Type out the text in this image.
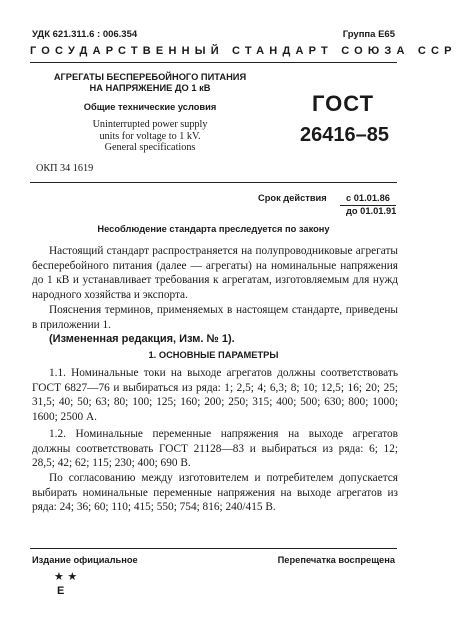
УДК 621.311.6 : 006.354	Группа Е65
ГОСУДАРСТВЕННЫЙ СТАНДАРТ СОЮЗА ССР
АГРЕГАТЫ БЕСПЕРЕБОЙНОГО ПИТАНИЯ
НА НАПРЯЖЕНИЕ ДО 1 кВ
Общие технические условия
Uninterrupted power supply
units for voltage to 1 kV.
General specifications
ГОСТ
26416–85
ОКП 34 1619
Срок действия с 01.01.86
до 01.01.91
Несоблюдение стандарта преследуется по закону
Настоящий стандарт распространяется на полупроводниковые агрегаты бесперебойного питания (далее — агрегаты) на номинальные напряжения до 1 кВ и устанавливает требования к агрегатам, изготовляемым для нужд народного хозяйства и экспорта.
Пояснения терминов, применяемых в настоящем стандарте, приведены в приложении 1.
(Измененная редакция, Изм. № 1).
1. ОСНОВНЫЕ ПАРАМЕТРЫ
1.1. Номинальные токи на выходе агрегатов должны соответствовать ГОСТ 6827—76 и выбираться из ряда: 1; 2,5; 4; 6,3; 8; 10; 12,5; 16; 20; 25; 31,5; 40; 50; 63; 80; 100; 125; 160; 200; 250; 315; 400; 500; 630; 800; 1000; 1600; 2500 А.
1.2. Номинальные переменные напряжения на выходе агрегатов должны соответствовать ГОСТ 21128—83 и выбираться из ряда: 6; 12; 28,5; 42; 62; 115; 230; 400; 690 В.
По согласованию между изготовителем и потребителем допускается выбирать номинальные переменные напряжения на выходе агрегатов из ряда: 24; 36; 60; 110; 415; 550; 754; 816; 240/415 В.
Издание официальное	Перепечатка воспрещена
★ ★
E
